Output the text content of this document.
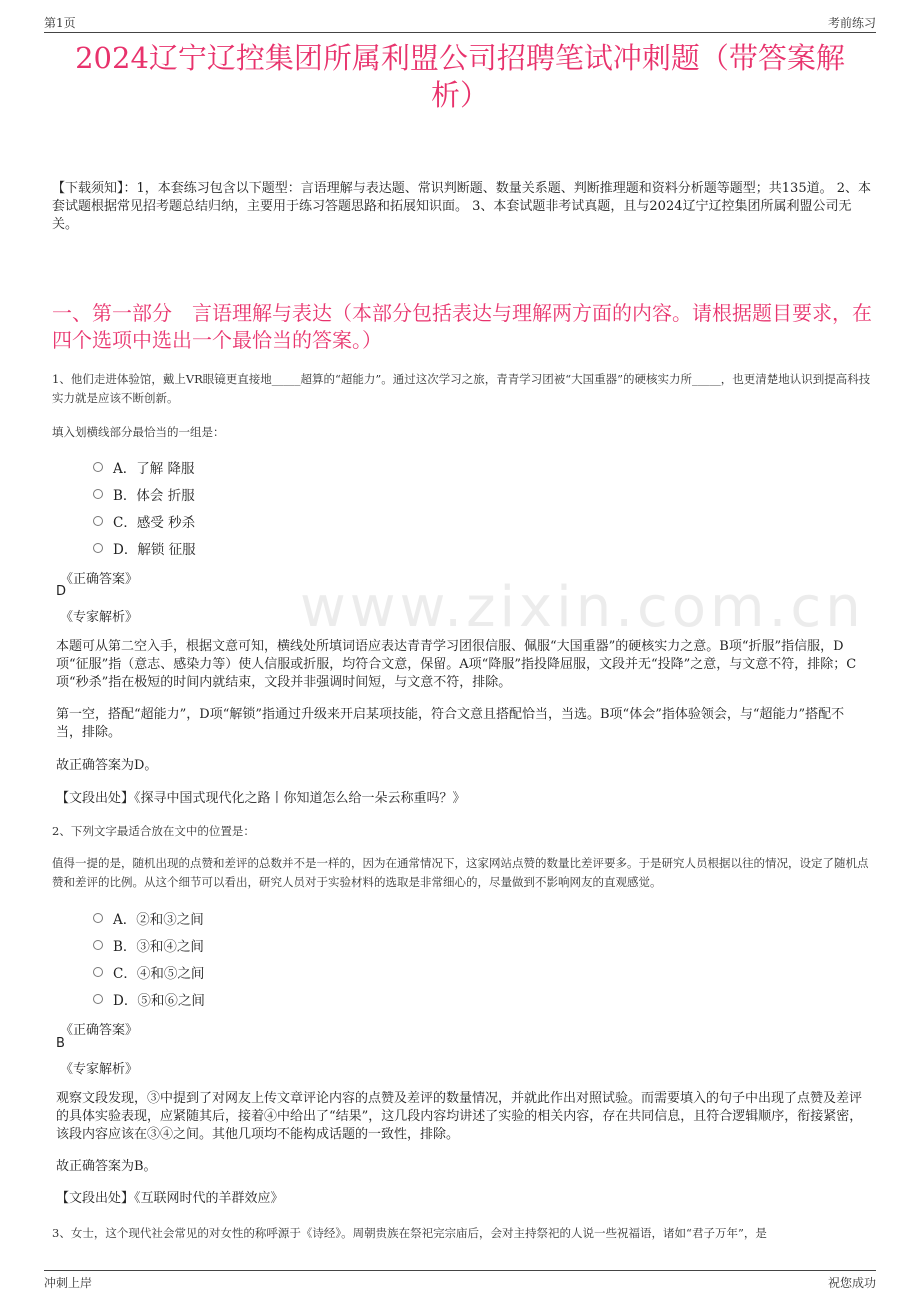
第1页	考前练习
www.zixin.com.cn
2024辽宁辽控集团所属利盟公司招聘笔试冲刺题（带答案解析）
【下载须知】：1，本套练习包含以下题型：言语理解与表达题、常识判断题、数量关系题、判断推理题和资料分析题等题型；共135道。 2、本套试题根据常见招考题总结归纳，主要用于练习答题思路和拓展知识面。 3、本套试题非考试真题，且与2024辽宁辽控集团所属利盟公司无关。
一、第一部分　言语理解与表达（本部分包括表达与理解两方面的内容。请根据题目要求，在四个选项中选出一个最恰当的答案。）
1、他们走进体验馆，戴上VR眼镜更直接地_____超算的“超能力”。通过这次学习之旅，青青学习团被“大国重器”的硬核实力所_____，也更清楚地认识到提高科技实力就是应该不断创新。
填入划横线部分最恰当的一组是：
A．了解 降服
B．体会 折服
C．感受 秒杀
D．解锁 征服
《正确答案》
D
《专家解析》
本题可从第二空入手，根据文意可知，横线处所填词语应表达青青学习团很信服、佩服“大国重器”的硬核实力之意。B项“折服”指信服，D项“征服”指（意志、感染力等）使人信服或折服，均符合文意，保留。A项“降服”指投降屈服，文段并无“投降”之意，与文意不符，排除；C项“秒杀”指在极短的时间内就结束，文段并非强调时间短，与文意不符，排除。
第一空，搭配“超能力”，D项“解锁”指通过升级来开启某项技能，符合文意且搭配恰当，当选。B项“体会”指体验领会，与“超能力”搭配不当，排除。
故正确答案为D。
【文段出处】《探寻中国式现代化之路丨你知道怎么给一朵云称重吗？》
2、下列文字最适合放在文中的位置是：
值得一提的是，随机出现的点赞和差评的总数并不是一样的，因为在通常情况下，这家网站点赞的数量比差评要多。于是研究人员根据以往的情况，设定了随机点赞和差评的比例。从这个细节可以看出，研究人员对于实验材料的选取是非常细心的，尽量做到不影响网友的直观感觉。
A．②和③之间
B．③和④之间
C．④和⑤之间
D．⑤和⑥之间
《正确答案》
B
《专家解析》
观察文段发现，③中提到了对网友上传文章评论内容的点赞及差评的数量情况，并就此作出对照试验。而需要填入的句子中出现了点赞及差评的具体实验表现，应紧随其后，接着④中给出了“结果”，这几段内容均讲述了实验的相关内容，存在共同信息，且符合逻辑顺序，衔接紧密，该段内容应该在③④之间。其他几项均不能构成话题的一致性，排除。
故正确答案为B。
【文段出处】《互联网时代的羊群效应》
3、女士，这个现代社会常见的对女性的称呼源于《诗经》。周朝贵族在祭祀完宗庙后，会对主持祭祀的人说一些祝福语，诸如“君子万年”，是
冲刺上岸	祝您成功
